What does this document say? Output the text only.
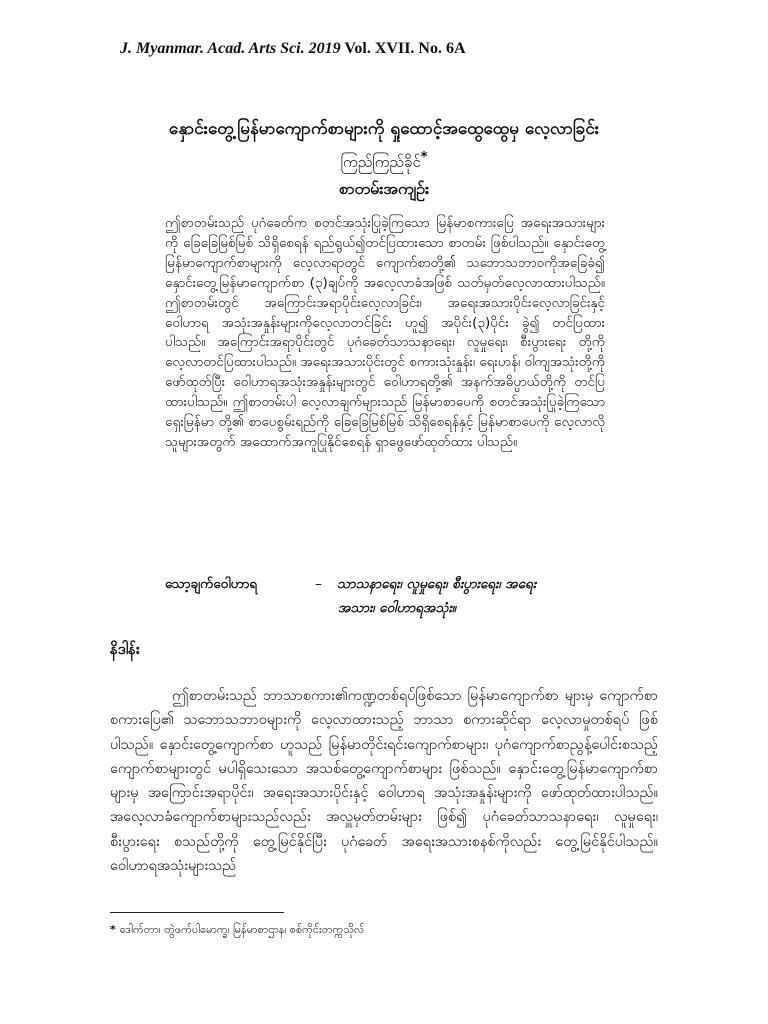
J. Myanmar. Acad. Arts Sci. 2019 Vol. XVII. No. 6A
နှောင်းတွေ့မြန်မာကျောက်စာများကို ရှုထောင့်အထွေထွေမှ လေ့လာခြင်း
ကြည်ကြည်ခိုင်*
စာတမ်းအကျဉ်း
ဤစာတမ်းသည် ပုဂံခေတ်က စတင်အသုံးပြုခဲ့ကြသော မြန်မာစကားပြေ အရေးအသားများကို ခြေခြေမြစ်မြစ် သိရှိစေရန် ရည်ရွယ်၍တင်ပြထားသော စာတမ်း ဖြစ်ပါသည်။ နှောင်းတွေ့မြန်မာကျောက်စာများကို လေ့လာရာတွင် ကျောက်စာတို့၏ သဘောသဘာဝကိုအခြေခံ၍ နှောင်းတွေ့မြန်မာကျောက်စာ (၃)ချပ်ကို အလေ့လာခံအဖြစ် သတ်မှတ်လေ့လာထားပါသည်။ ဤစာတမ်းတွင် အကြောင်းအရာပိုင်းလေ့လာခြင်း၊ အရေးအသားပိုင်းလေ့လာခြင်းနှင့် ဝေါဟာရ အသုံးအနှုန်းများကိုလေ့လာတင်ခြင်း ဟူ၍ အပိုင်း(၃)ပိုင်း ခွဲ၍ တင်ပြထား ပါသည်။ အကြောင်းအရာပိုင်းတွင် ပုဂံခေတ်သာသနာရေး၊ လူမှုရေး၊ စီးပွားရေး တို့ကို လေ့လာတင်ပြထားပါသည်။ အရေးအသားပိုင်းတွင် စကားသုံးနှုန်း၊ ရေးဟန်၊ ဝါကျအသုံးတို့ကို ဖော်ထုတ်ပြီး ဝေါဟာရအသုံးအနှုန်းများတွင် ဝေါဟာရတို့၏ အနက်အဓိပ္ပာယ်တို့ကို တင်ပြထားပါသည်။ ဤစာတမ်းပါ လေ့လာချက်များသည် မြန်မာစာပေကို စတင်အသုံးပြုခဲ့ကြသော ရှေးမြန်မာ တို့၏ စာပေစွမ်းရည်ကို ခြေခြေမြစ်မြစ် သိရှိစေရန်နှင့် မြန်မာစာပေကို လေ့လာလိုသူများအတွက် အထောက်အကူပြုနိုင်စေရန် ရှာဖွေဖော်ထုတ်ထား ပါသည်။
သော့ချက်ဝေါဟာရ	– သာသနာရေး၊ လူမှုရေး၊ စီးပွားရေး၊ အရေး
အသား၊ ဝေါဟာရအသုံး။
နိဒါန်း

ဤစာတမ်းသည် ဘာသာစကား၏ကဏ္ဍတစ်ရပ်ဖြစ်သော မြန်မာကျောက်စာ များမှ ကျောက်စာစကားပြေ၏ သဘောသဘာဝများကို လေ့လာထားသည့် ဘာသာ စကားဆိုင်ရာ လေ့လာမှုတစ်ရပ် ဖြစ်ပါသည်။ နှောင်းတွေ့ကျောက်စာ ဟူသည် မြန်မာတိုင်းရင်းကျောက်စာများ၊ ပုဂံကျောက်စာညွန့်ပေါင်းစသည့် ကျောက်စာများတွင် မပါရှိသေးသော အသစ်တွေ့ကျောက်စာများ ဖြစ်သည်။ နှောင်းတွေ့မြန်မာကျောက်စာ များမှ အကြောင်းအရာပိုင်း၊ အရေးအသားပိုင်းနှင့် ဝေါဟာရ အသုံးအနှုန်းများကို ဖော်ထုတ်ထားပါသည်။ အလေ့လာခံကျောက်စာများသည်လည်း အလှူမှတ်တမ်းများ ဖြစ်၍ ပုဂံခေတ်သာသနာရေး၊ လူမှုရေး၊ စီးပွားရေး စသည်တို့ကို တွေ့မြင်နိုင်ပြီး ပုဂံခေတ် အရေးအသားစနစ်ကိုလည်း တွေ့မြင်နိုင်ပါသည်။ ဝေါဟာရအသုံးများသည်

* ဒေါက်တာ၊ တွဲဖက်ပါမောက္ခ၊ မြန်မာစာဌာန၊ စစ်ကိုင်းတက္ကသိုလ်
